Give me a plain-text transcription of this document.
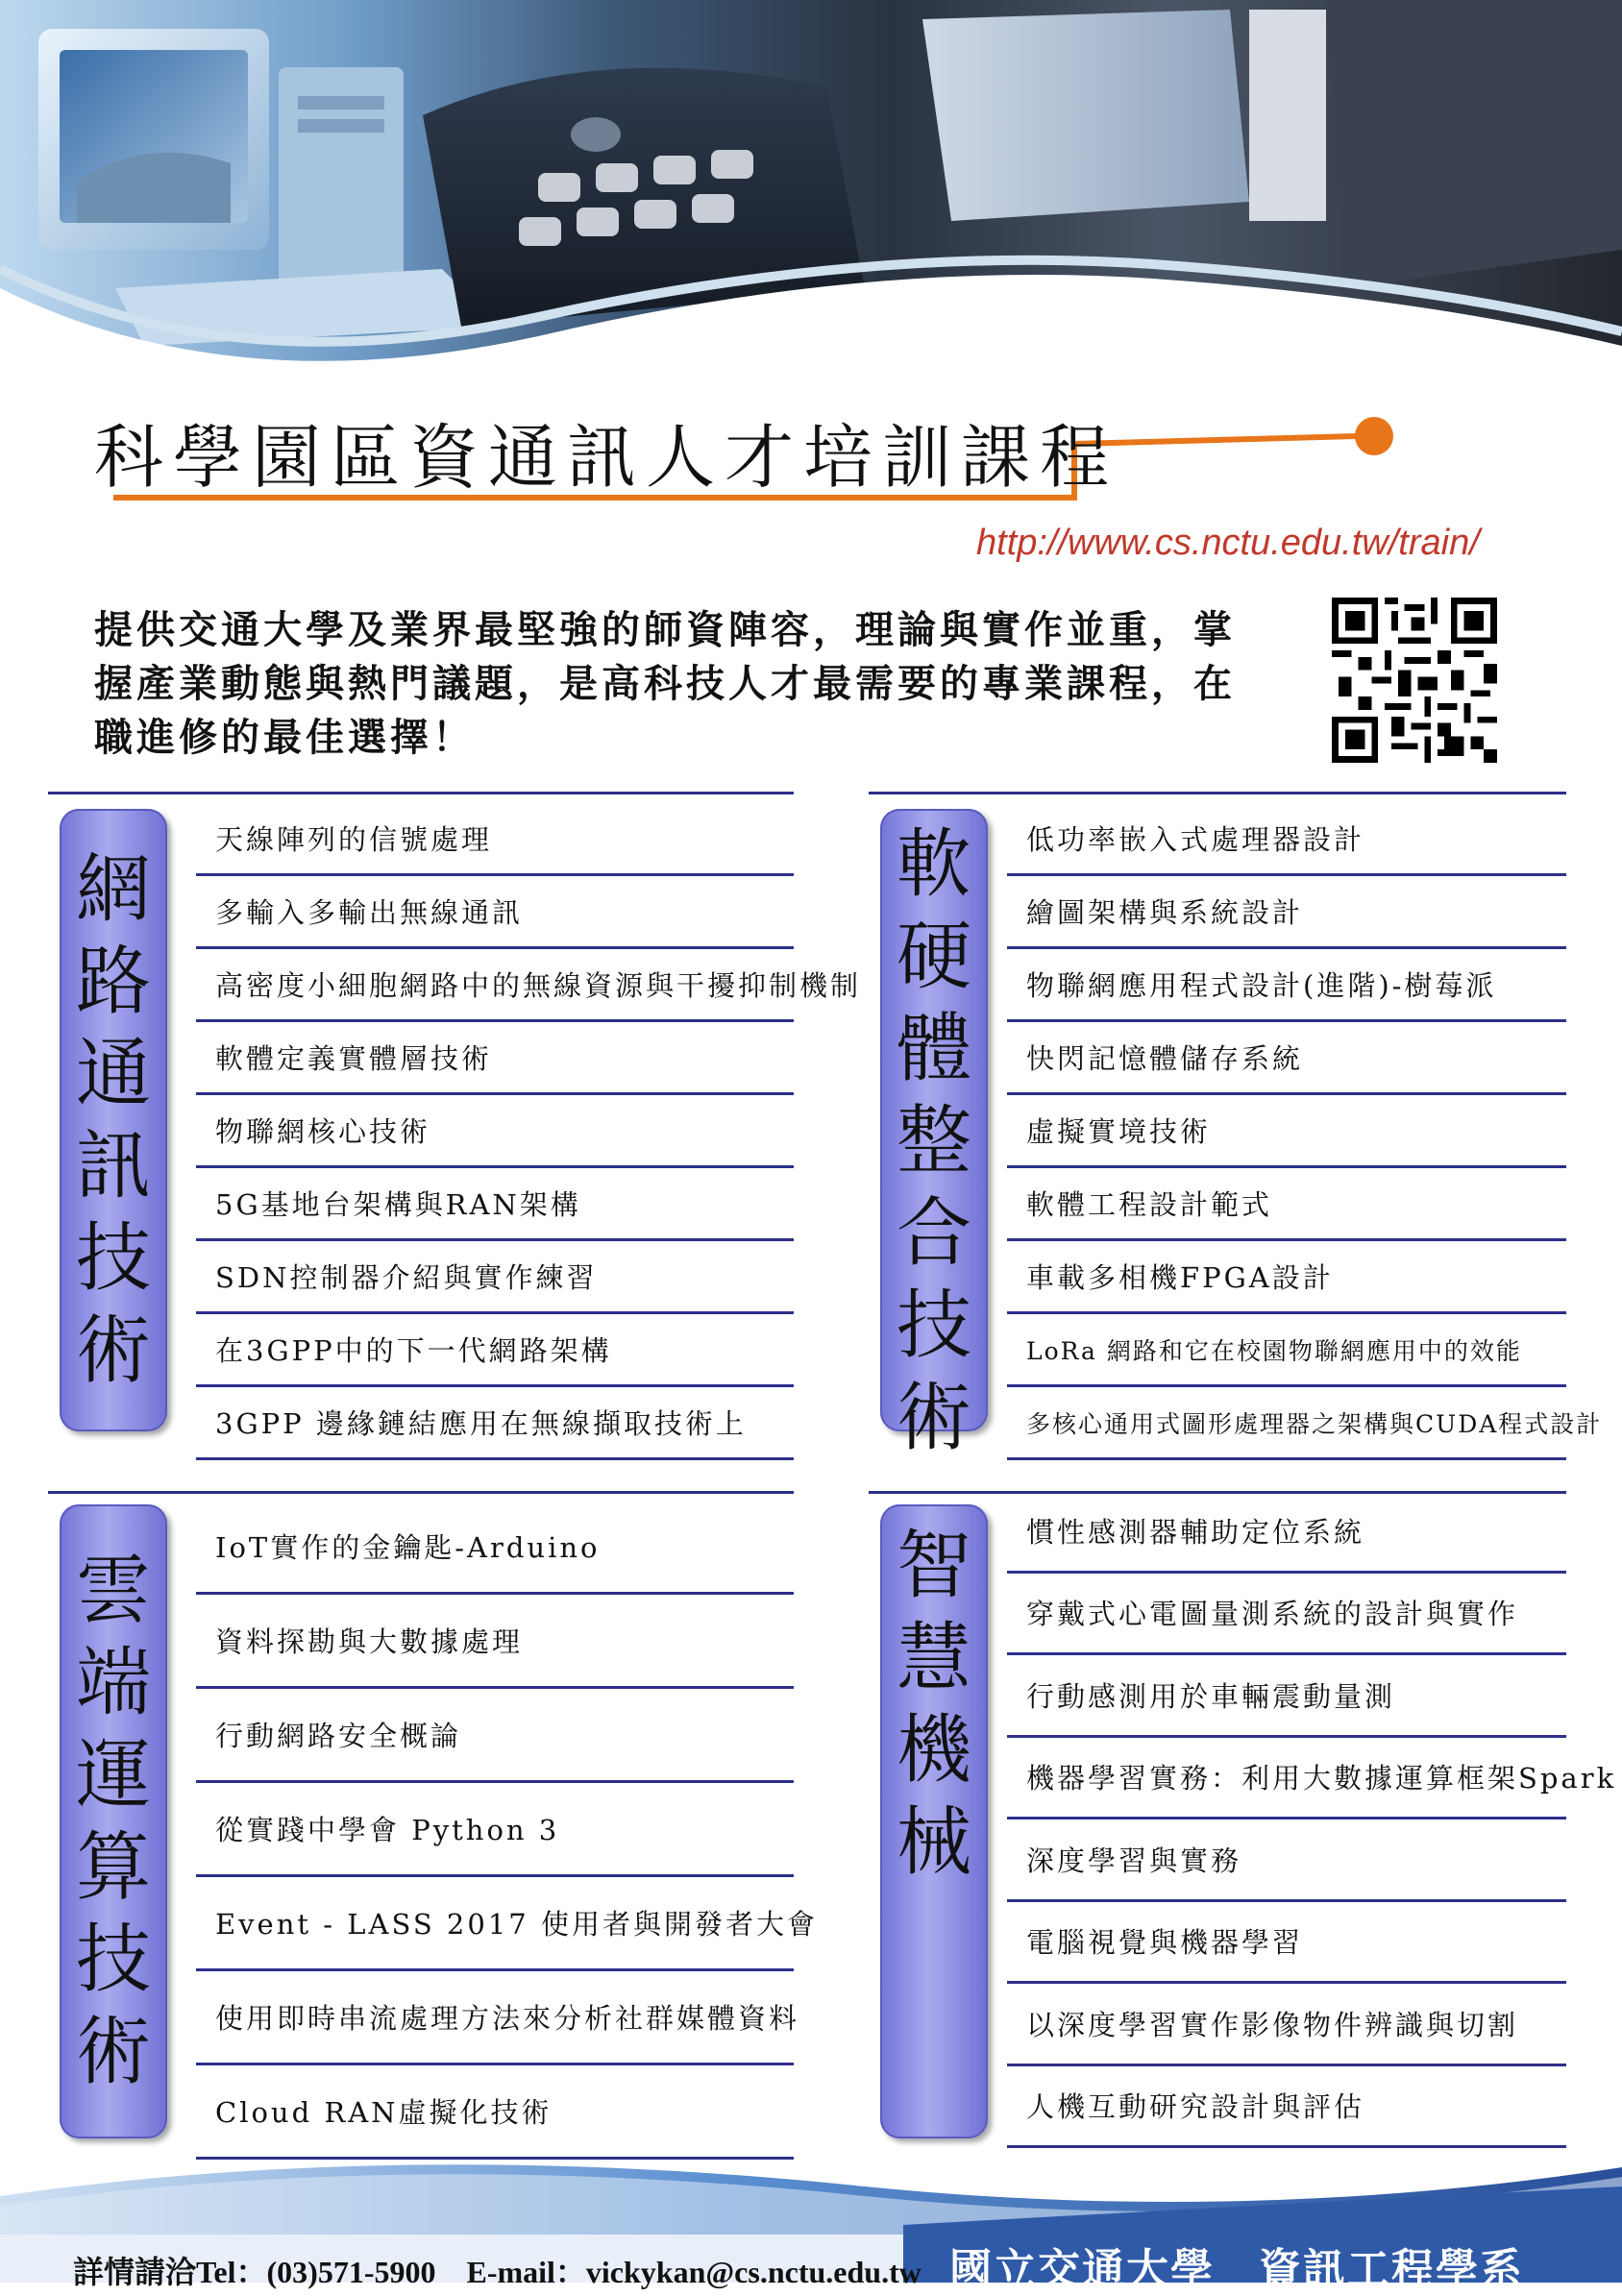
科學園區資通訊人才培訓課程
http://www.cs.nctu.edu.tw/train/
提供交通大學及業界最堅強的師資陣容，理論與實作並重，掌握產業動態與熱門議題，是高科技人才最需要的專業課程，在職進修的最佳選擇！
網路通訊技術
天線陣列的信號處理
多輸入多輸出無線通訊
高密度小細胞網路中的無線資源與干擾抑制機制
軟體定義實體層技術
物聯網核心技術
5G基地台架構與RAN架構
SDN控制器介紹與實作練習
在3GPP中的下一代網路架構
3GPP 邊緣鏈結應用在無線擷取技術上
軟硬體整合技術
低功率嵌入式處理器設計
繪圖架構與系統設計
物聯網應用程式設計(進階)-樹莓派
快閃記憶體儲存系統
虛擬實境技術
軟體工程設計範式
車載多相機FPGA設計
LoRa 網路和它在校園物聯網應用中的效能
多核心通用式圖形處理器之架構與CUDA程式設計
雲端運算技術
IoT實作的金鑰匙-Arduino
資料探勘與大數據處理
行動網路安全概論
從實踐中學會 Python 3
Event - LASS 2017 使用者與開發者大會
使用即時串流處理方法來分析社群媒體資料
Cloud RAN虛擬化技術
智慧機械
慣性感測器輔助定位系統
穿戴式心電圖量測系統的設計與實作
行動感測用於車輛震動量測
機器學習實務：利用大數據運算框架Spark
深度學習與實務
電腦視覺與機器學習
以深度學習實作影像物件辨識與切割
人機互動研究設計與評估
詳情請洽Tel：(03)571-5900　E-mail：vickykan@cs.nctu.edu.tw 國立交通大學　資訊工程學系
